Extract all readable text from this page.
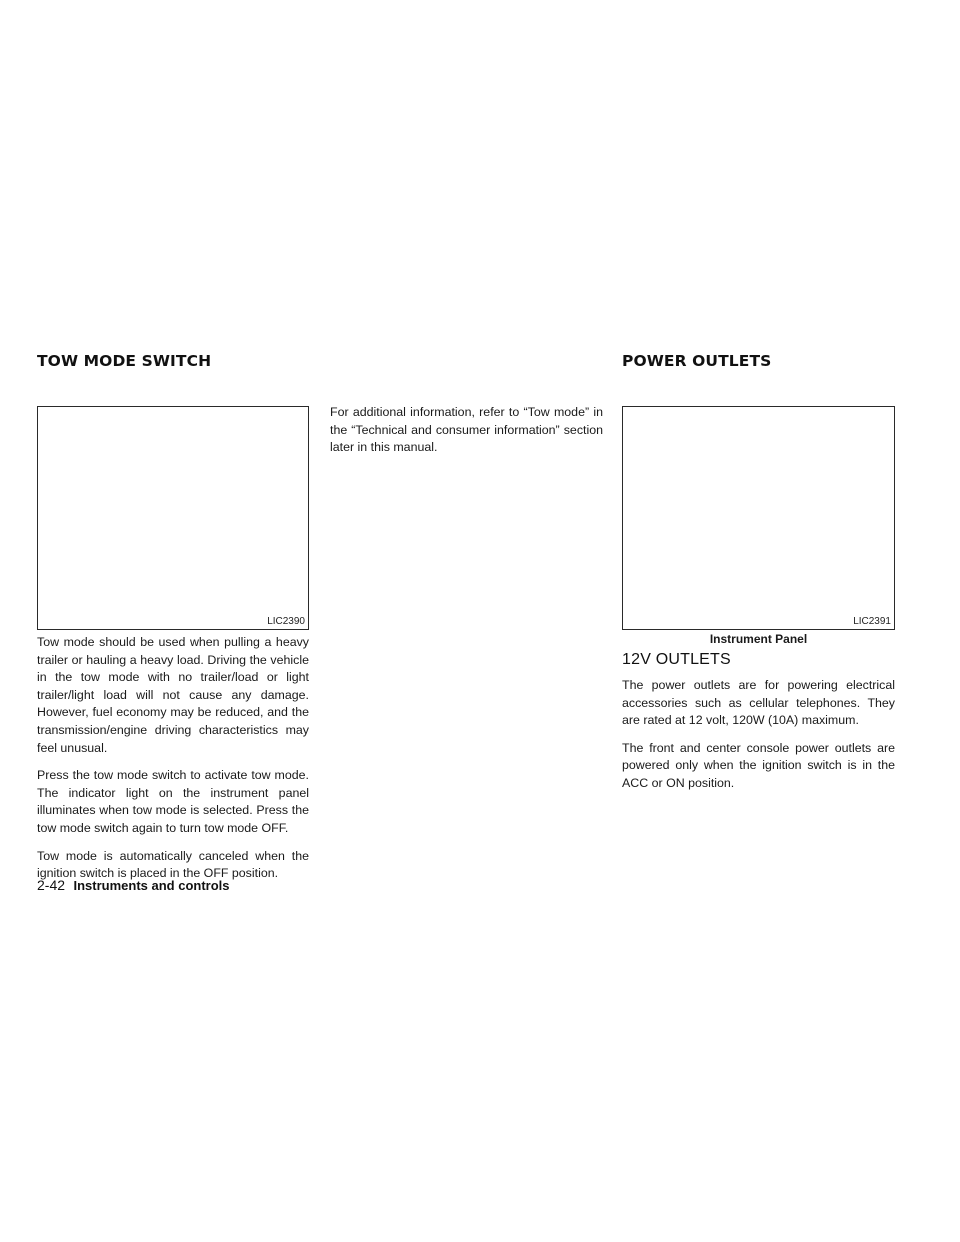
TOW MODE SWITCH
LIC2390

Tow mode should be used when pulling a heavy trailer or hauling a heavy load. Driving the vehicle in the tow mode with no trailer/load or light trailer/light load will not cause any damage. However, fuel economy may be reduced, and the transmission/engine driving characteristics may feel unusual.

Press the tow mode switch to activate tow mode. The indicator light on the instrument panel illuminates when tow mode is selected. Press the tow mode switch again to turn tow mode OFF.

Tow mode is automatically canceled when the ignition switch is placed in the OFF position.

For additional information, refer to “Tow mode” in the “Technical and consumer information” section later in this manual.

POWER OUTLETS
LIC2391
Instrument Panel
12V OUTLETS

The power outlets are for powering electrical accessories such as cellular telephones. They are rated at 12 volt, 120W (10A) maximum.

The front and center console power outlets are powered only when the ignition switch is in the ACC or ON position.

2-42 Instruments and controls
